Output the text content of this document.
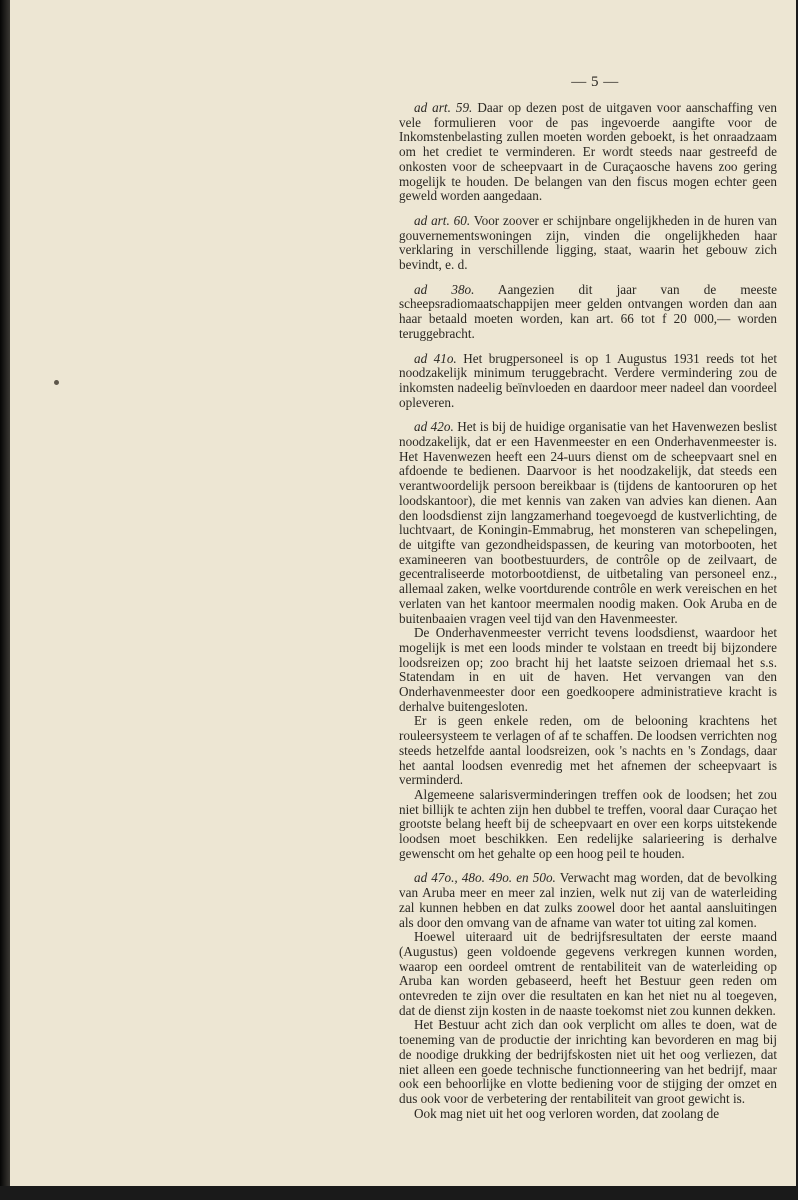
— 5 —

ad art. 59. Daar op dezen post de uitgaven voor aanschaffing ven vele formulieren voor de pas ingevoerde aangifte voor de Inkomstenbelasting zullen moeten worden geboekt, is het onraadzaam om het crediet te verminderen. Er wordt steeds naar gestreefd de onkosten voor de scheepvaart in de Curaçaosche havens zoo gering mogelijk te houden. De belangen van den fiscus mogen echter geen geweld worden aangedaan.

ad art. 60. Voor zoover er schijnbare ongelijkheden in de huren van gouvernementswoningen zijn, vinden die ongelijkheden haar verklaring in verschillende ligging, staat, waarin het gebouw zich bevindt, e. d.

ad 38o. Aangezien dit jaar van de meeste scheepsradiomaatschappijen meer gelden ontvangen worden dan aan haar betaald moeten worden, kan art. 66 tot f 20 000,— worden teruggebracht.

ad 41o. Het brugpersoneel is op 1 Augustus 1931 reeds tot het noodzakelijk minimum teruggebracht. Verdere vermindering zou de inkomsten nadeelig beïnvloeden en daardoor meer nadeel dan voordeel opleveren.

ad 42o. Het is bij de huidige organisatie van het Havenwezen beslist noodzakelijk, dat er een Havenmeester en een Onderhavenmeester is. Het Havenwezen heeft een 24-uurs dienst om de scheepvaart snel en afdoende te bedienen. Daarvoor is het noodzakelijk, dat steeds een verantwoordelijk persoon bereikbaar is (tijdens de kantooruren op het loodskantoor), die met kennis van zaken van advies kan dienen. Aan den loodsdienst zijn langzamerhand toegevoegd de kustverlichting, de luchtvaart, de Koningin-Emmabrug, het monsteren van schepelingen, de uitgifte van gezondheidspassen, de keuring van motorbooten, het examineeren van bootbestuurders, de contrôle op de zeilvaart, de gecentraliseerde motorbootdienst, de uitbetaling van personeel enz., allemaal zaken, welke voortdurende contrôle en werk vereischen en het verlaten van het kantoor meermalen noodig maken. Ook Aruba en de buitenbaaien vragen veel tijd van den Havenmeester.

De Onderhavenmeester verricht tevens loodsdienst, waardoor het mogelijk is met een loods minder te volstaan en treedt bij bijzondere loodsreizen op; zoo bracht hij het laatste seizoen driemaal het s.s. Statendam in en uit de haven. Het vervangen van den Onderhavenmeester door een goedkoopere administratieve kracht is derhalve buitengesloten.

Er is geen enkele reden, om de belooning krachtens het rouleersysteem te verlagen of af te schaffen. De loodsen verrichten nog steeds hetzelfde aantal loodsreizen, ook 's nachts en 's Zondags, daar het aantal loodsen evenredig met het afnemen der scheepvaart is verminderd.

Algemeene salarisverminderingen treffen ook de loodsen; het zou niet billijk te achten zijn hen dubbel te treffen, vooral daar Curaçao het grootste belang heeft bij de scheepvaart en over een korps uitstekende loodsen moet beschikken. Een redelijke salarieering is derhalve gewenscht om het gehalte op een hoog peil te houden.

ad 47o., 48o. 49o. en 50o. Verwacht mag worden, dat de bevolking van Aruba meer en meer zal inzien, welk nut zij van de waterleiding zal kunnen hebben en dat zulks zoowel door het aantal aansluitingen als door den omvang van de afname van water tot uiting zal komen.

Hoewel uiteraard uit de bedrijfsresultaten der eerste maand (Augustus) geen voldoende gegevens verkregen kunnen worden, waarop een oordeel omtrent de rentabiliteit van de waterleiding op Aruba kan worden gebaseerd, heeft het Bestuur geen reden om ontevreden te zijn over die resultaten en kan het niet nu al toegeven, dat de dienst zijn kosten in de naaste toekomst niet zou kunnen dekken.

Het Bestuur acht zich dan ook verplicht om alles te doen, wat de toeneming van de productie der inrichting kan bevorderen en mag bij de noodige drukking der bedrijfskosten niet uit het oog verliezen, dat niet alleen een goede technische functionneering van het bedrijf, maar ook een behoorlijke en vlotte bediening voor de stijging der omzet en dus ook voor de verbetering der rentabiliteit van groot gewicht is.

Ook mag niet uit het oog verloren worden, dat zoolang de
